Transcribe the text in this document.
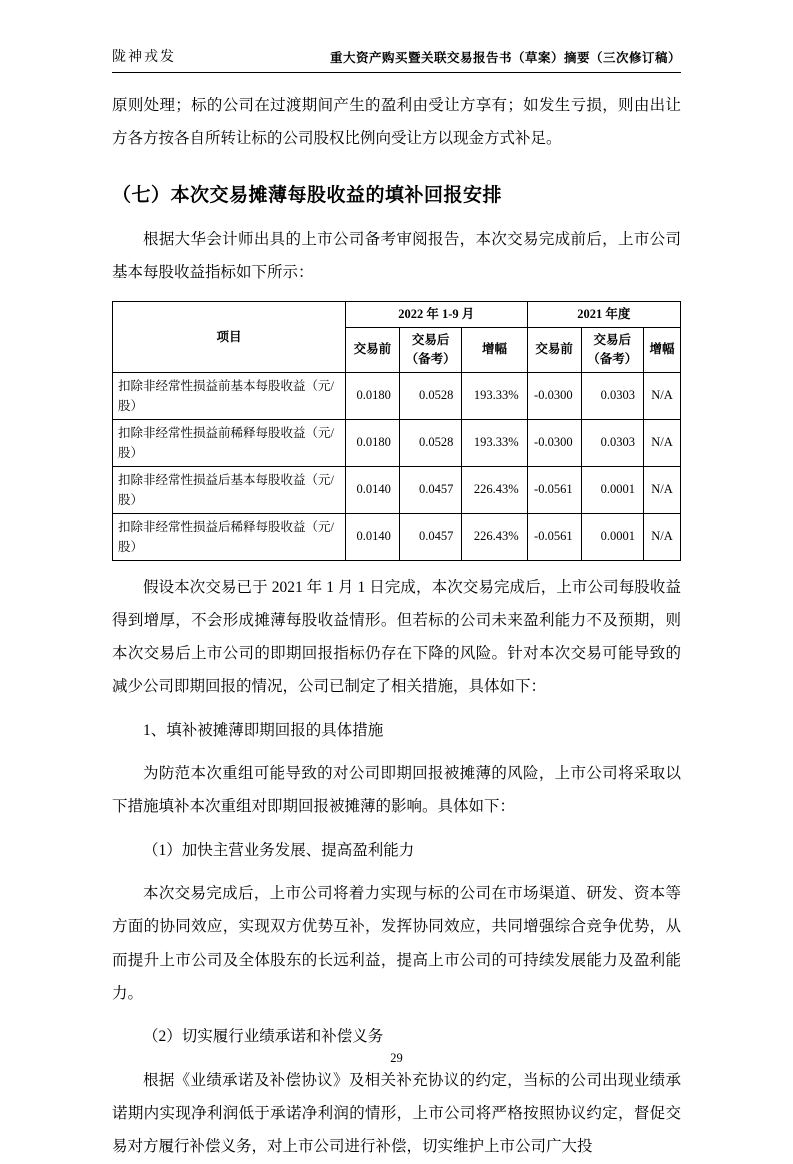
陇神戎发	重大资产购买暨关联交易报告书（草案）摘要（三次修订稿）

原则处理；标的公司在过渡期间产生的盈利由受让方享有；如发生亏损，则由出让方各方按各自所转让标的公司股权比例向受让方以现金方式补足。

（七）本次交易摊薄每股收益的填补回报安排

根据大华会计师出具的上市公司备考审阅报告，本次交易完成前后，上市公司基本每股收益指标如下所示：

项目	2022 年 1-9 月			2021 年度		
	交易前	交易后（备考）	增幅	交易前	交易后（备考）	增幅
扣除非经常性损益前基本每股收益（元/股）	0.0180	0.0528	193.33%	-0.0300	0.0303	N/A
扣除非经常性损益前稀释每股收益（元/股）	0.0180	0.0528	193.33%	-0.0300	0.0303	N/A
扣除非经常性损益后基本每股收益（元/股）	0.0140	0.0457	226.43%	-0.0561	0.0001	N/A
扣除非经常性损益后稀释每股收益（元/股）	0.0140	0.0457	226.43%	-0.0561	0.0001	N/A

假设本次交易已于 2021 年 1 月 1 日完成，本次交易完成后，上市公司每股收益得到增厚，不会形成摊薄每股收益情形。但若标的公司未来盈利能力不及预期，则本次交易后上市公司的即期回报指标仍存在下降的风险。针对本次交易可能导致的减少公司即期回报的情况，公司已制定了相关措施，具体如下：

1、填补被摊薄即期回报的具体措施

为防范本次重组可能导致的对公司即期回报被摊薄的风险，上市公司将采取以下措施填补本次重组对即期回报被摊薄的影响。具体如下：

（1）加快主营业务发展、提高盈利能力

本次交易完成后，上市公司将着力实现与标的公司在市场渠道、研发、资本等方面的协同效应，实现双方优势互补，发挥协同效应，共同增强综合竞争优势，从而提升上市公司及全体股东的长远利益，提高上市公司的可持续发展能力及盈利能力。

（2）切实履行业绩承诺和补偿义务

根据《业绩承诺及补偿协议》及相关补充协议的约定，当标的公司出现业绩承诺期内实现净利润低于承诺净利润的情形，上市公司将严格按照协议约定，督促交易对方履行补偿义务，对上市公司进行补偿，切实维护上市公司广大投

29
